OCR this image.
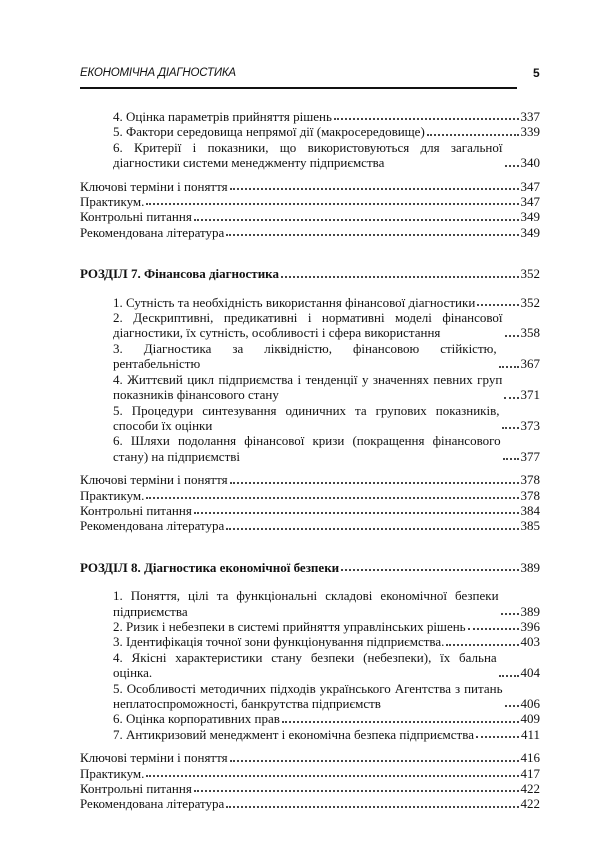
ЕКОНОМІЧНА ДІАГНОСТИКА	5
4. Оцінка параметрів прийняття рішень	337
5. Фактори середовища непрямої дії (макросередовище)	339
6. Критерії і показники, що використовуються для загальної діагностики системи менеджменту підприємства	340
Ключові терміни і поняття	347
Практикум.	347
Контрольні питання	349
Рекомендована література	349
РОЗДІЛ 7. Фінансова діагностика	352
1. Сутність та необхідність використання фінансової діагностики	352
2. Дескриптивні, предикативні і нормативні моделі фінансової діагностики, їх сутність, особливості і сфера використання	358
3. Діагностика за ліквідністю, фінансовою стійкістю, рентабельністю	367
4. Життєвий цикл підприємства і тенденції у значеннях певних груп показників фінансового стану	371
5. Процедури синтезування одиничних та групових показників, способи їх оцінки	373
6. Шляхи подолання фінансової кризи (покращення фінансового стану) на підприємстві	377
Ключові терміни і поняття	378
Практикум.	378
Контрольні питання	384
Рекомендована література	385
РОЗДІЛ 8. Діагностика економічної безпеки	389
1. Поняття, цілі та функціональні складові економічної безпеки підприємства	389
2. Ризик і небезпеки в системі прийняття управлінських рішень	396
3. Ідентифікація точної зони функціонування підприємства.	403
4. Якісні характеристики стану безпеки (небезпеки), їх бальна оцінка.	404
5. Особливості методичних підходів українського Агентства з питань неплатоспроможності, банкрутства підприємств	406
6. Оцінка корпоративних прав	409
7. Антикризовий менеджмент і економічна безпека підприємства	411
Ключові терміни і поняття	416
Практикум.	417
Контрольні питання	422
Рекомендована література	422
